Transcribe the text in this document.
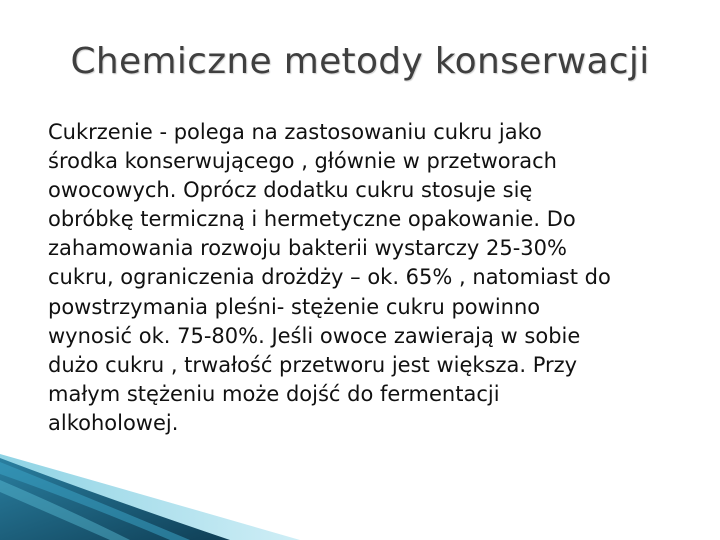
Chemiczne metody konserwacji

Cukrzenie - polega na zastosowaniu cukru jako
środka konserwującego , głównie w przetworach
owocowych. Oprócz dodatku cukru stosuje się
obróbkę termiczną i hermetyczne opakowanie. Do
zahamowania rozwoju bakterii wystarczy 25-30%
cukru, ograniczenia drożdży – ok. 65% , natomiast do
powstrzymania pleśni- stężenie cukru powinno
wynosić ok. 75-80%. Jeśli owoce zawierają w sobie
dużo cukru , trwałość przetworu jest większa. Przy
małym stężeniu może dojść do fermentacji
alkoholowej.
